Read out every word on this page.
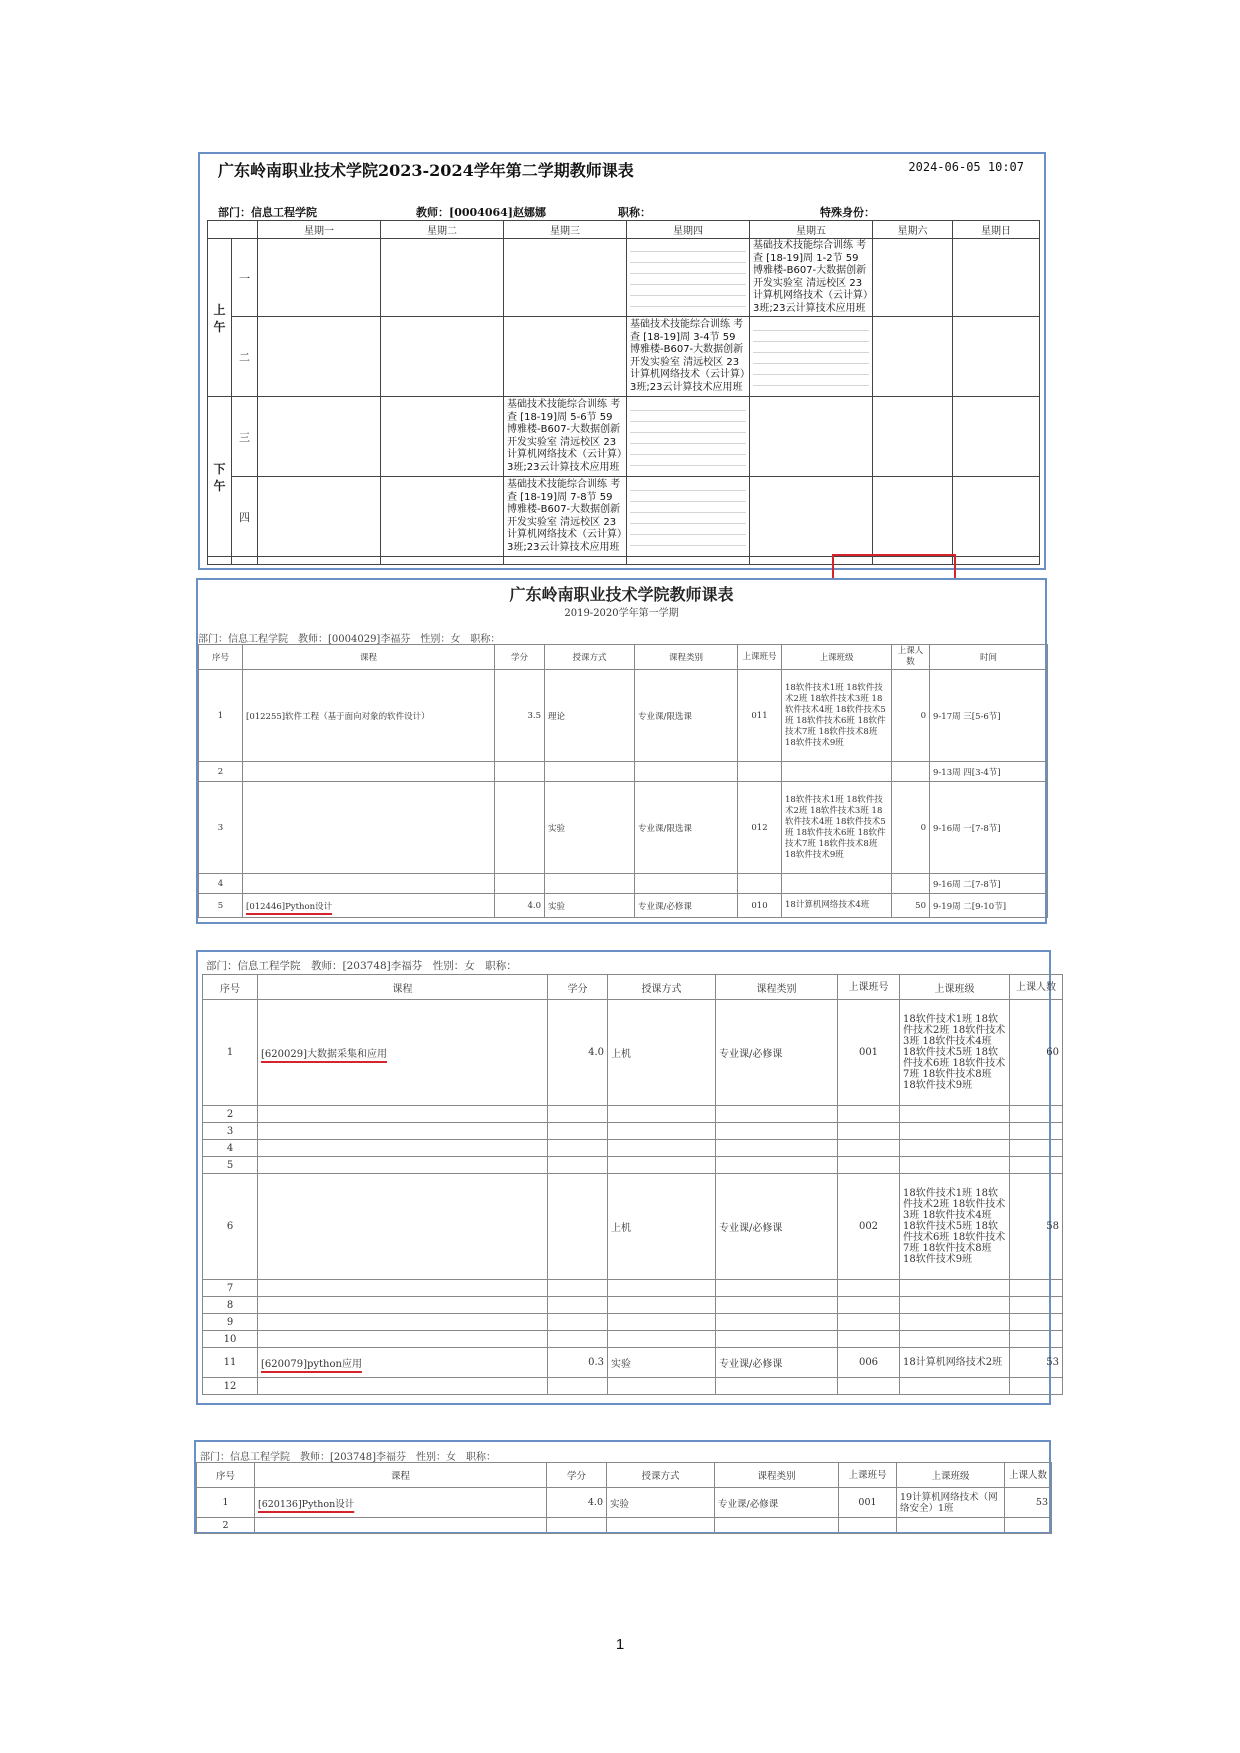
广东岭南职业技术学院2023-2024学年第二学期教师课表	2024-06-05 10:07
部门：信息工程学院	教师：[0004064]赵娜娜	职称：	特殊身份：
		星期一	星期二	星期三	星期四	星期五	星期六	星期日
上
午	一					基础技术技能综合训练 考查 [18-19]周 1-2节 59 博雅楼-B607-大数据创新开发实验室 清远校区 23计算机网络技术（云计算）3班;23云计算技术应用班		

	二				基础技术技能综合训练 考查 [18-19]周 3-4节 59 博雅楼-B607-大数据创新开发实验室 清远校区 23计算机网络技术（云计算）3班;23云计算技术应用班			

下
午	三			基础技术技能综合训练 考查 [18-19]周 5-6节 59 博雅楼-B607-大数据创新开发实验室 清远校区 23计算机网络技术（云计算）3班;23云计算技术应用班				

	四			基础技术技能综合训练 考查 [18-19]周 7-8节 59 博雅楼-B607-大数据创新开发实验室 清远校区 23计算机网络技术（云计算）3班;23云计算技术应用班				

广东岭南职业技术学院教师课表
2019-2020学年第一学期
部门：信息工程学院　教师：[0004029]李福芬　性别：女　职称：
序号	课程	学分	授课方式	课程类别	上课班号	上课班级	上课人数	时间
1	[012255]软件工程（基于面向对象的软件设计）	3.5	理论	专业课/限选课	011	18软件技术1班 18软件技术2班 18软件技术3班 18软件技术4班 18软件技术5班 18软件技术6班 18软件技术7班 18软件技术8班 18软件技术9班	0	9-17周 三[5-6节]
2								9-13周 四[3-4节]
3			实验	专业课/限选课	012	18软件技术1班 18软件技术2班 18软件技术3班 18软件技术4班 18软件技术5班 18软件技术6班 18软件技术7班 18软件技术8班 18软件技术9班	0	9-16周 一[7-8节]
4								9-16周 二[7-8节]
5	[012446]Python设计	4.0	实验	专业课/必修课	010	18计算机网络技术4班	50	9-19周 二[9-10节]
部门：信息工程学院　教师：[203748]李福芬　性别：女　职称：
序号	课程	学分	授课方式	课程类别	上课班号	上课班级	上课人数
1	[620029]大数据采集和应用	4.0	上机	专业课/必修课	001	18软件技术1班 18软件技术2班 18软件技术3班 18软件技术4班 18软件技术5班 18软件技术6班 18软件技术7班 18软件技术8班 18软件技术9班	60
2							
3							
4							
5							
6			上机	专业课/必修课	002	18软件技术1班 18软件技术2班 18软件技术3班 18软件技术4班 18软件技术5班 18软件技术6班 18软件技术7班 18软件技术8班 18软件技术9班	58
7							
8							
9							
10							
11	[620079]python应用	0.3	实验	专业课/必修课	006	18计算机网络技术2班	53
12							
部门：信息工程学院　教师：[203748]李福芬　性别：女　职称：
序号	课程	学分	授课方式	课程类别	上课班号	上课班级	上课人数
1	[620136]Python设计	4.0	实验	专业课/必修课	001	19计算机网络技术（网络安全）1班	53
2							
1
